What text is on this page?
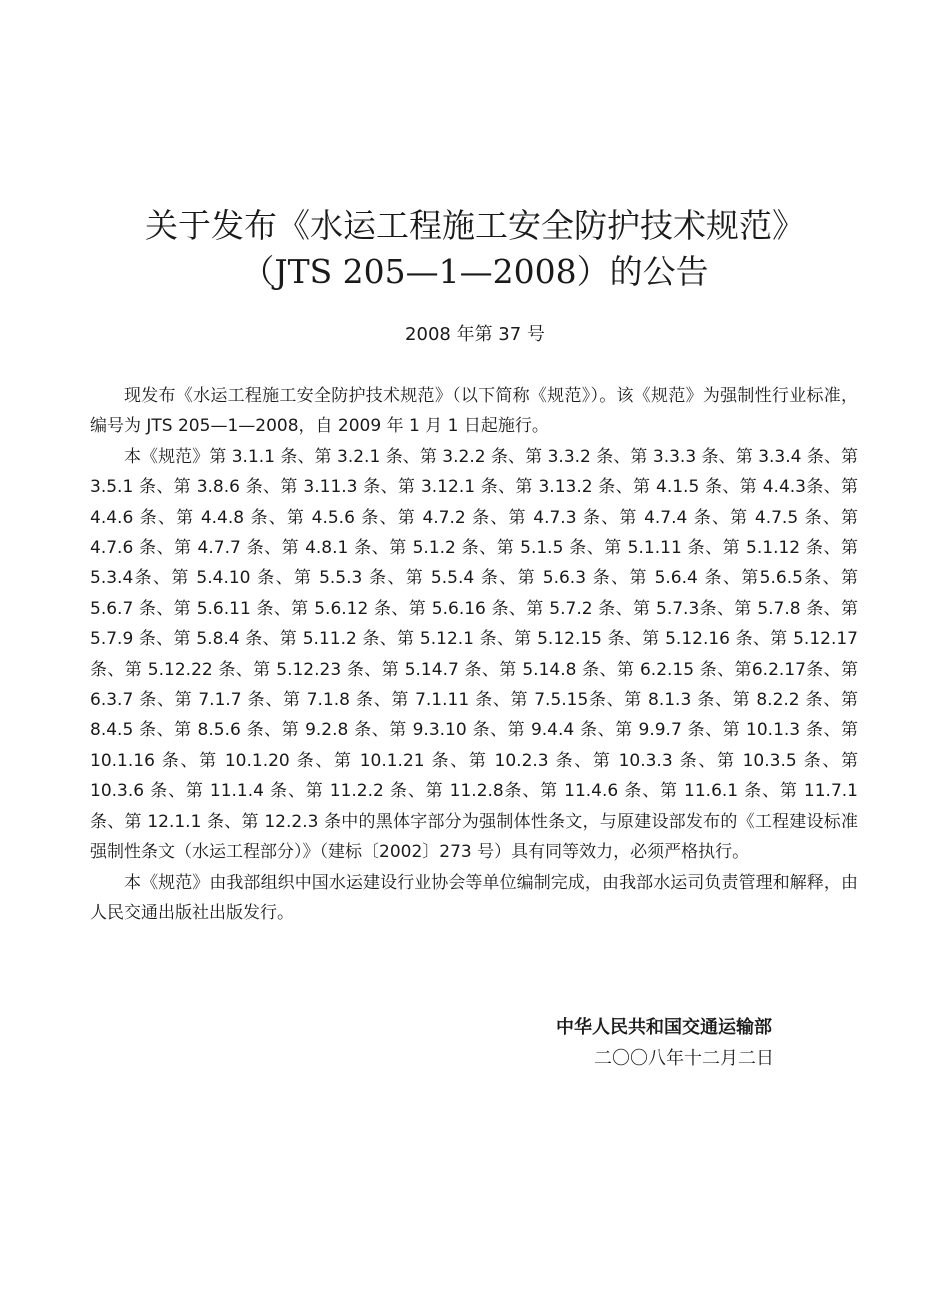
关于发布《水运工程施工安全防护技术规范》
（JTS 205—1—2008）的公告
2008 年第 37 号

现发布《水运工程施工安全防护技术规范》（以下简称《规范》）。该《规范》为强制性行业标准，编号为 JTS 205—1—2008，自 2009 年 1 月 1 日起施行。

本《规范》第 3.1.1 条、第 3.2.1 条、第 3.2.2 条、第 3.3.2 条、第 3.3.3 条、第 3.3.4 条、第 3.5.1 条、第 3.8.6 条、第 3.11.3 条、第 3.12.1 条、第 3.13.2 条、第 4.1.5 条、第 4.4.3条、第 4.4.6 条、第 4.4.8 条、第 4.5.6 条、第 4.7.2 条、第 4.7.3 条、第 4.7.4 条、第 4.7.5 条、第 4.7.6 条、第 4.7.7 条、第 4.8.1 条、第 5.1.2 条、第 5.1.5 条、第 5.1.11 条、第 5.1.12 条、第5.3.4条、第 5.4.10 条、第 5.5.3 条、第 5.5.4 条、第 5.6.3 条、第 5.6.4 条、第5.6.5条、第 5.6.7 条、第 5.6.11 条、第 5.6.12 条、第 5.6.16 条、第 5.7.2 条、第 5.7.3条、第 5.7.8 条、第 5.7.9 条、第 5.8.4 条、第 5.11.2 条、第 5.12.1 条、第 5.12.15 条、第 5.12.16 条、第 5.12.17 条、第 5.12.22 条、第 5.12.23 条、第 5.14.7 条、第 5.14.8 条、第 6.2.15 条、第6.2.17条、第 6.3.7 条、第 7.1.7 条、第 7.1.8 条、第 7.1.11 条、第 7.5.15条、第 8.1.3 条、第 8.2.2 条、第 8.4.5 条、第 8.5.6 条、第 9.2.8 条、第 9.3.10 条、第 9.4.4 条、第 9.9.7 条、第 10.1.3 条、第 10.1.16 条、第 10.1.20 条、第 10.1.21 条、第 10.2.3 条、第 10.3.3 条、第 10.3.5 条、第 10.3.6 条、第 11.1.4 条、第 11.2.2 条、第 11.2.8条、第 11.4.6 条、第 11.6.1 条、第 11.7.1 条、第 12.1.1 条、第 12.2.3 条中的黑体字部分为强制体性条文，与原建设部发布的《工程建设标准强制性条文（水运工程部分）》（建标〔2002〕273 号）具有同等效力，必须严格执行。

本《规范》由我部组织中国水运建设行业协会等单位编制完成，由我部水运司负责管理和解释，由人民交通出版社出版发行。

中华人民共和国交通运输部
二〇〇八年十二月二日
